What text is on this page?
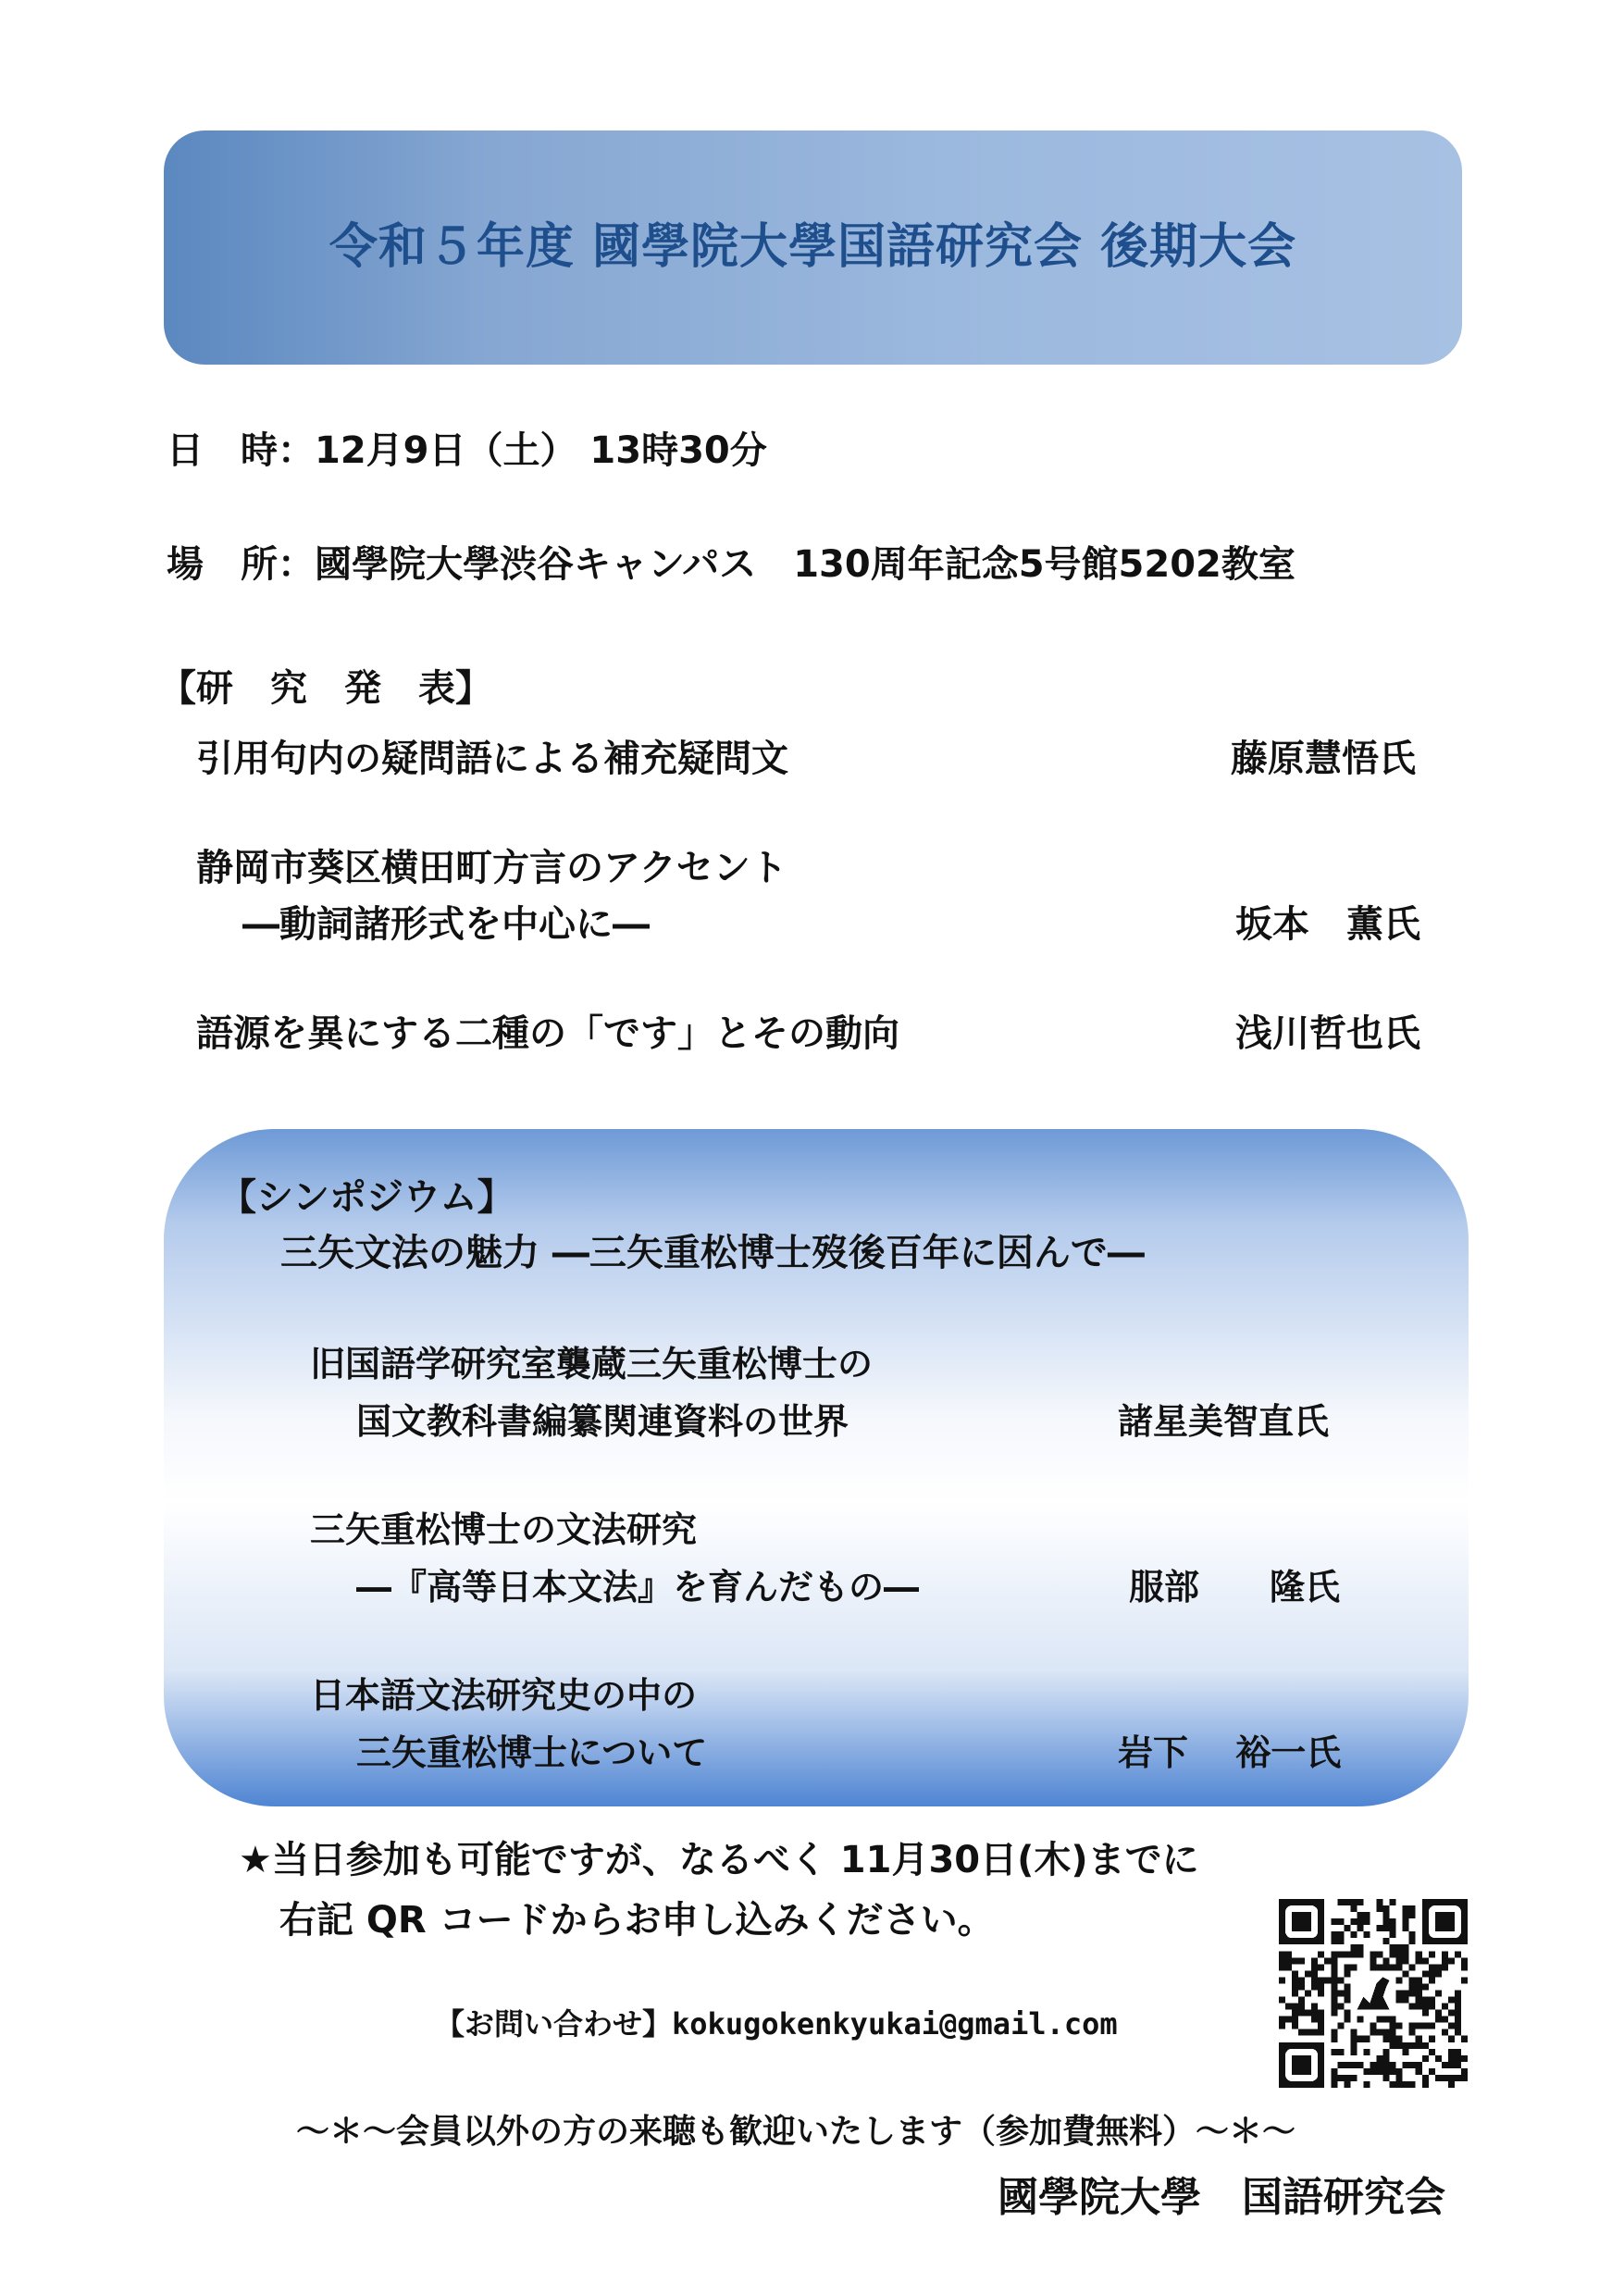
令和５年度 國學院大學国語研究会 後期大会
日　時：12月9日（土） 13時30分
場　所：國學院大學渋谷キャンパス　130周年記念5号館5202教室
【研　究　発　表】
引用句内の疑問語による補充疑問文	藤原慧悟氏
静岡市葵区横田町方言のアクセント
―動詞諸形式を中心に―	坂本　薫氏
語源を異にする二種の「です」とその動向	浅川哲也氏
【シンポジウム】
三矢文法の魅力 ―三矢重松博士歿後百年に因んで―
旧国語学研究室襲蔵三矢重松博士の
国文教科書編纂関連資料の世界	諸星美智直氏
三矢重松博士の文法研究
―『高等日本文法』を育んだもの―	服部　　隆氏
日本語文法研究史の中の
三矢重松博士について	岩下　 裕一氏
★当日参加も可能ですが、なるべく 11月30日(木)までに
右記 QR コードからお申し込みください。
【お問い合わせ】kokugokenkyukai@gmail.com
～＊～会員以外の方の来聴も歓迎いたします（参加費無料）～＊～
國學院大學　国語研究会
